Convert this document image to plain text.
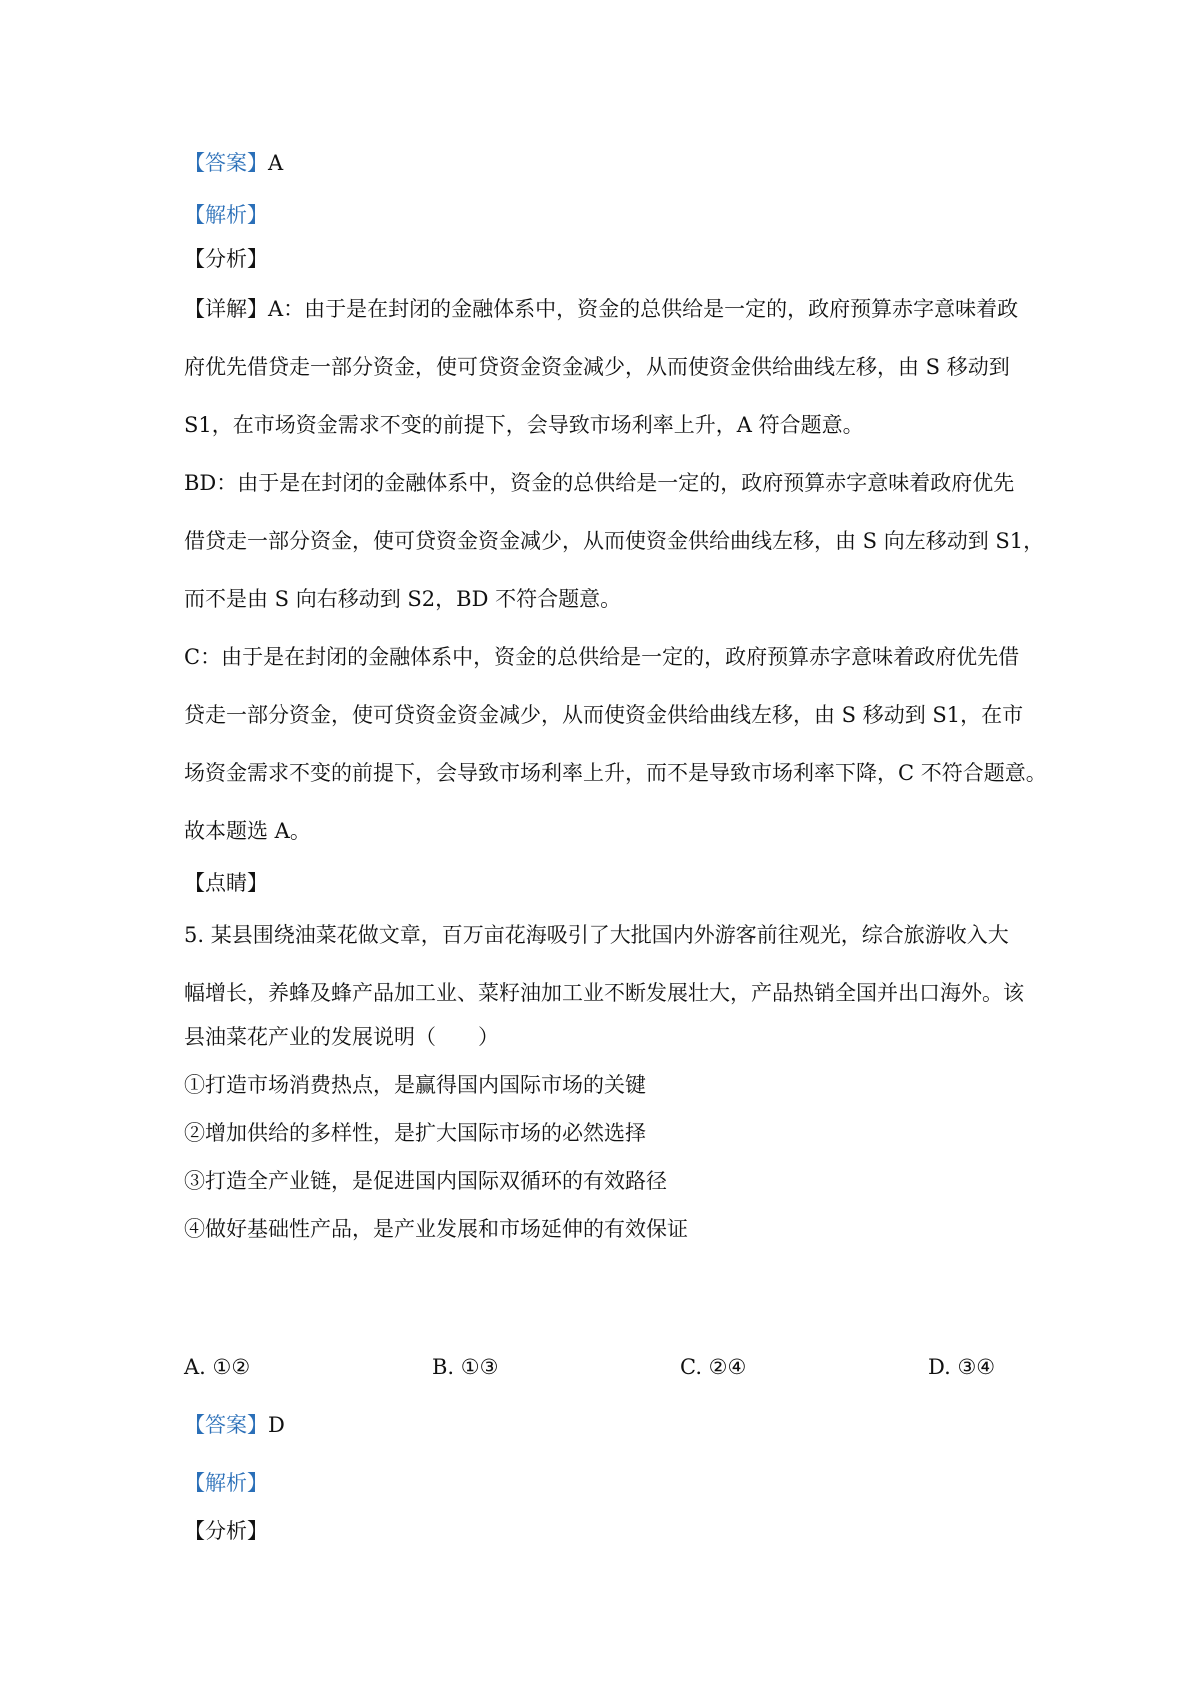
【答案】A
【解析】
【分析】
【详解】A：由于是在封闭的金融体系中，资金的总供给是一定的，政府预算赤字意味着政
府优先借贷走一部分资金，使可贷资金资金减少，从而使资金供给曲线左移，由 S 移动到
S1，在市场资金需求不变的前提下，会导致市场利率上升，A 符合题意。
BD：由于是在封闭的金融体系中，资金的总供给是一定的，政府预算赤字意味着政府优先
借贷走一部分资金，使可贷资金资金减少，从而使资金供给曲线左移，由 S 向左移动到 S1，
而不是由 S 向右移动到 S2，BD 不符合题意。
C：由于是在封闭的金融体系中，资金的总供给是一定的，政府预算赤字意味着政府优先借
贷走一部分资金，使可贷资金资金减少，从而使资金供给曲线左移，由 S 移动到 S1，在市
场资金需求不变的前提下，会导致市场利率上升，而不是导致市场利率下降，C 不符合题意。
故本题选 A。
【点睛】
5. 某县围绕油菜花做文章，百万亩花海吸引了大批国内外游客前往观光，综合旅游收入大
幅增长，养蜂及蜂产品加工业、菜籽油加工业不断发展壮大，产品热销全国并出口海外。该
县油菜花产业的发展说明（　　）
①打造市场消费热点，是赢得国内国际市场的关键
②增加供给的多样性，是扩大国际市场的必然选择
③打造全产业链，是促进国内国际双循环的有效路径
④做好基础性产品，是产业发展和市场延伸的有效保证
A. ①②	B. ①③	C. ②④	D. ③④
【答案】D
【解析】
【分析】
